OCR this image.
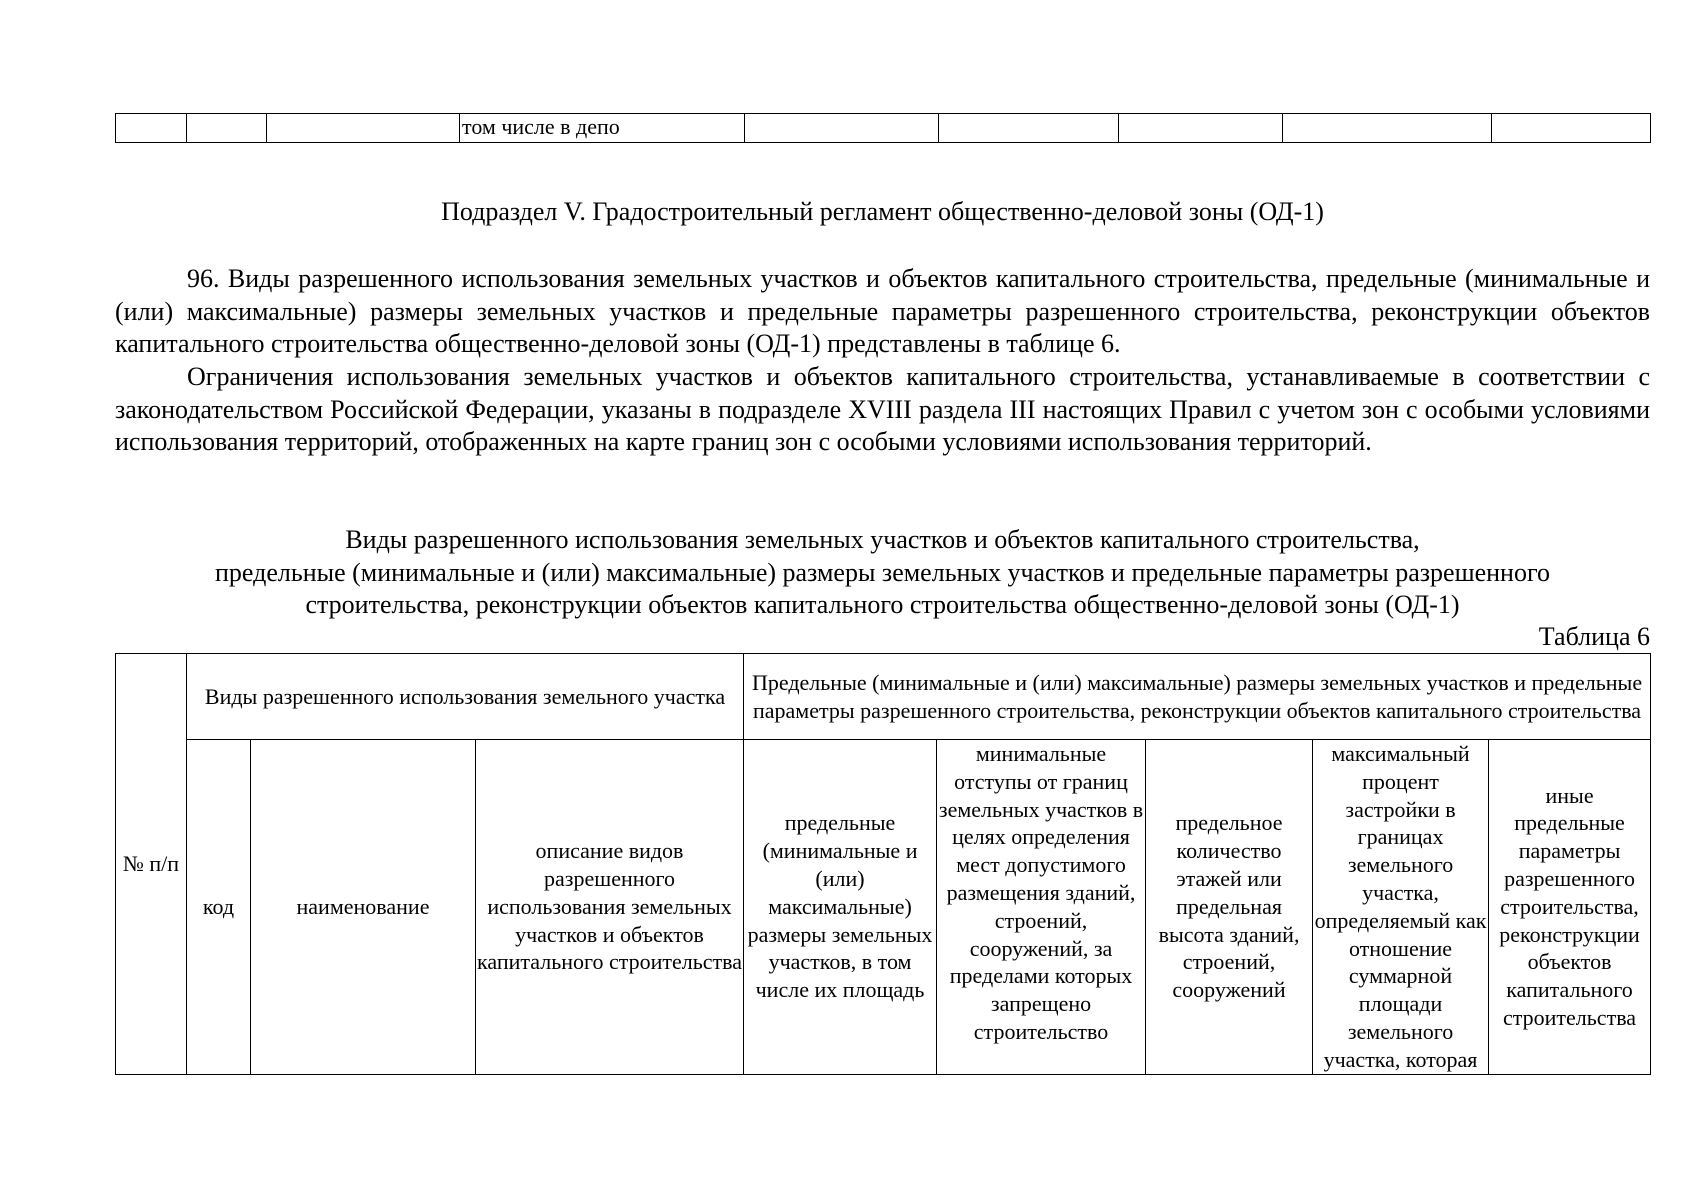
			том числе в депо					
Подраздел V. Градостроительный регламент общественно-деловой зоны (ОД-1)

96. Виды разрешенного использования земельных участков и объектов капитального строительства, предельные (минимальные и (или) максимальные) размеры земельных участков и предельные параметры разрешенного строительства, реконструкции объектов капитального строительства общественно-деловой зоны (ОД-1) представлены в таблице 6.

Ограничения использования земельных участков и объектов капитального строительства, устанавливаемые в соответствии с законодательством Российской Федерации, указаны в подразделе XVIII раздела III настоящих Правил с учетом зон с особыми условиями использования территорий, отображенных на карте границ зон с особыми условиями использования территорий.

Виды разрешенного использования земельных участков и объектов капитального строительства,
предельные (минимальные и (или) максимальные) размеры земельных участков и предельные параметры разрешенного
строительства, реконструкции объектов капитального строительства общественно-деловой зоны (ОД-1)
Таблица 6
№ п/п	Виды разрешенного использования земельного участка			Предельные (минимальные и (или) максимальные) размеры земельных участков и предельные параметры разрешенного строительства, реконструкции объектов капитального строительства				
	код	наименование	описание видов разрешенного использования земельных участков и объектов капитального строительства	предельные (минимальные и (или) максимальные) размеры земельных участков, в том числе их площадь	минимальные отступы от границ земельных участков в целях определения мест допустимого размещения зданий, строений, сооружений, за пределами которых запрещено строительство	предельное количество этажей или предельная высота зданий, строений, сооружений	максимальный процент застройки в границах земельного участка, определяемый как отношение суммарной площади земельного участка, которая	иные предельные параметры разрешенного строительства, реконструкции объектов капитального строительства
